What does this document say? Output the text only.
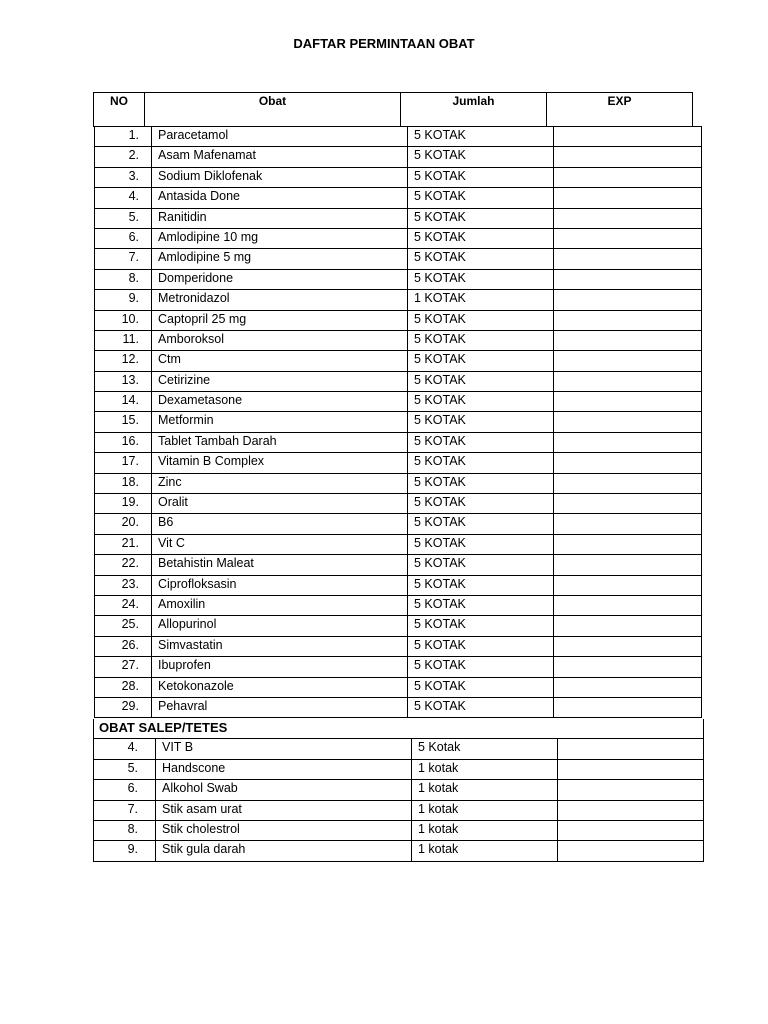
DAFTAR PERMINTAAN OBAT
NO	Obat	Jumlah	EXP
1.	Paracetamol	5 KOTAK	
2.	Asam Mafenamat	5 KOTAK	
3.	Sodium Diklofenak	5 KOTAK	
4.	Antasida Done	5 KOTAK	
5.	Ranitidin	5 KOTAK	
6.	Amlodipine 10 mg	5 KOTAK	
7.	Amlodipine 5 mg	5 KOTAK	
8.	Domperidone	5 KOTAK	
9.	Metronidazol	1 KOTAK	
10.	Captopril 25 mg	5 KOTAK	
11.	Amboroksol	5 KOTAK	
12.	Ctm	5 KOTAK	
13.	Cetirizine	5 KOTAK	
14.	Dexametasone	5 KOTAK	
15.	Metformin	5 KOTAK	
16.	Tablet Tambah Darah	5 KOTAK	
17.	Vitamin B Complex	5 KOTAK	
18.	Zinc	5 KOTAK	
19.	Oralit	5 KOTAK	
20.	B6	5 KOTAK	
21.	Vit C	5 KOTAK	
22.	Betahistin Maleat	5 KOTAK	
23.	Ciprofloksasin	5 KOTAK	
24.	Amoxilin	5 KOTAK	
25.	Allopurinol	5 KOTAK	
26.	Simvastatin	5 KOTAK	
27.	Ibuprofen	5 KOTAK	
28.	Ketokonazole	5 KOTAK	
29.	Pehavral	5 KOTAK	
OBAT SALEP/TETES			
4.	VIT B	5 Kotak	
5.	Handscone	1 kotak	
6.	Alkohol Swab	1 kotak	
7.	Stik asam urat	1 kotak	
8.	Stik cholestrol	1 kotak	
9.	Stik gula darah	1 kotak	
